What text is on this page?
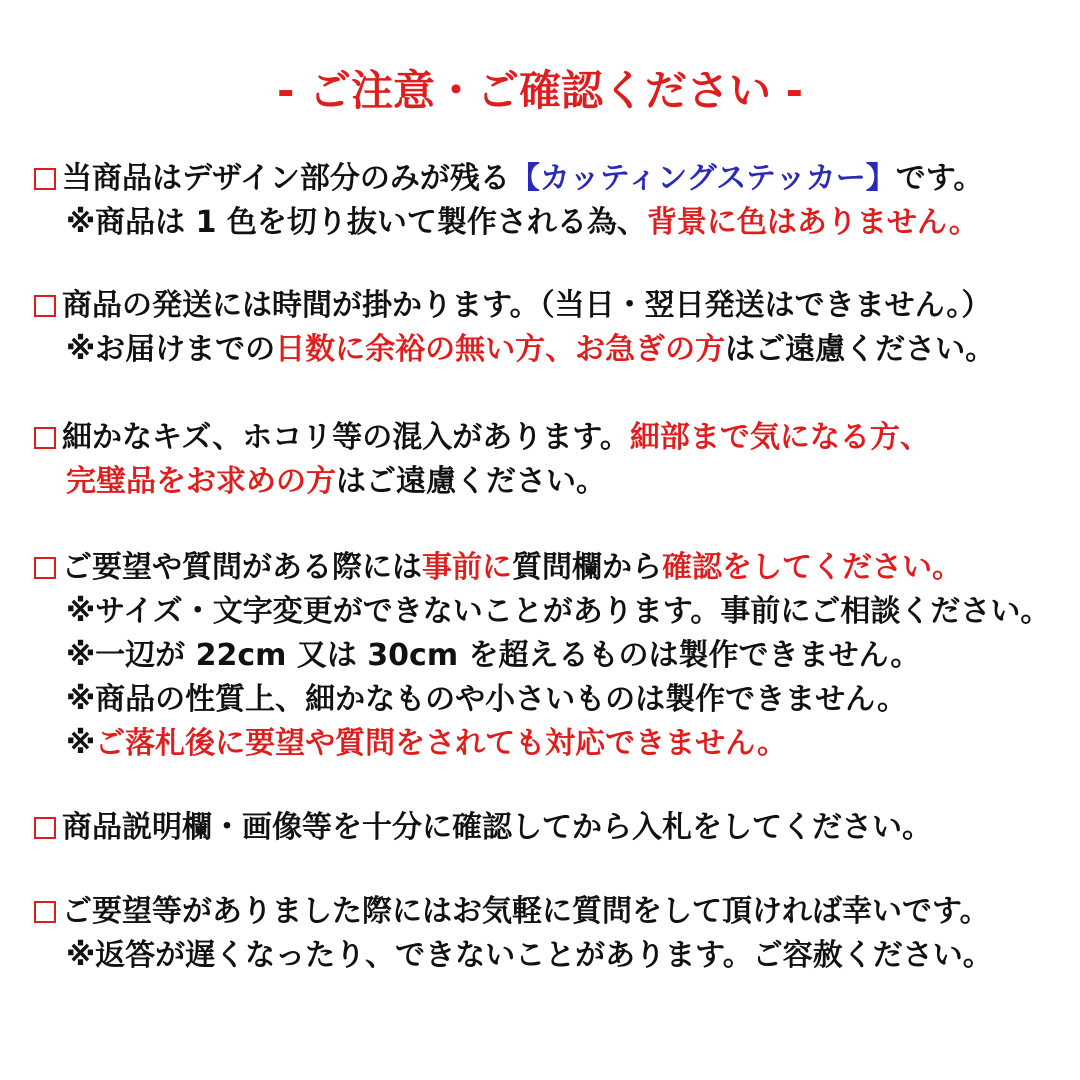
- ご注意・ご確認ください -
当商品はデザイン部分のみが残る【カッティングステッカー】です。
※商品は 1 色を切り抜いて製作される為、背景に色はありません。
商品の発送には時間が掛かります。（当日・翌日発送はできません。）
※お届けまでの日数に余裕の無い方、お急ぎの方はご遠慮ください。
細かなキズ、ホコリ等の混入があります。細部まで気になる方、
完璧品をお求めの方はご遠慮ください。
ご要望や質問がある際には事前に質問欄から確認をしてください。
※サイズ・文字変更ができないことがあります。事前にご相談ください。
※一辺が 22cm 又は 30cm を超えるものは製作できません。
※商品の性質上、細かなものや小さいものは製作できません。
※ご落札後に要望や質問をされても対応できません。
商品説明欄・画像等を十分に確認してから入札をしてください。
ご要望等がありました際にはお気軽に質問をして頂ければ幸いです。
※返答が遅くなったり、できないことがあります。ご容赦ください。
